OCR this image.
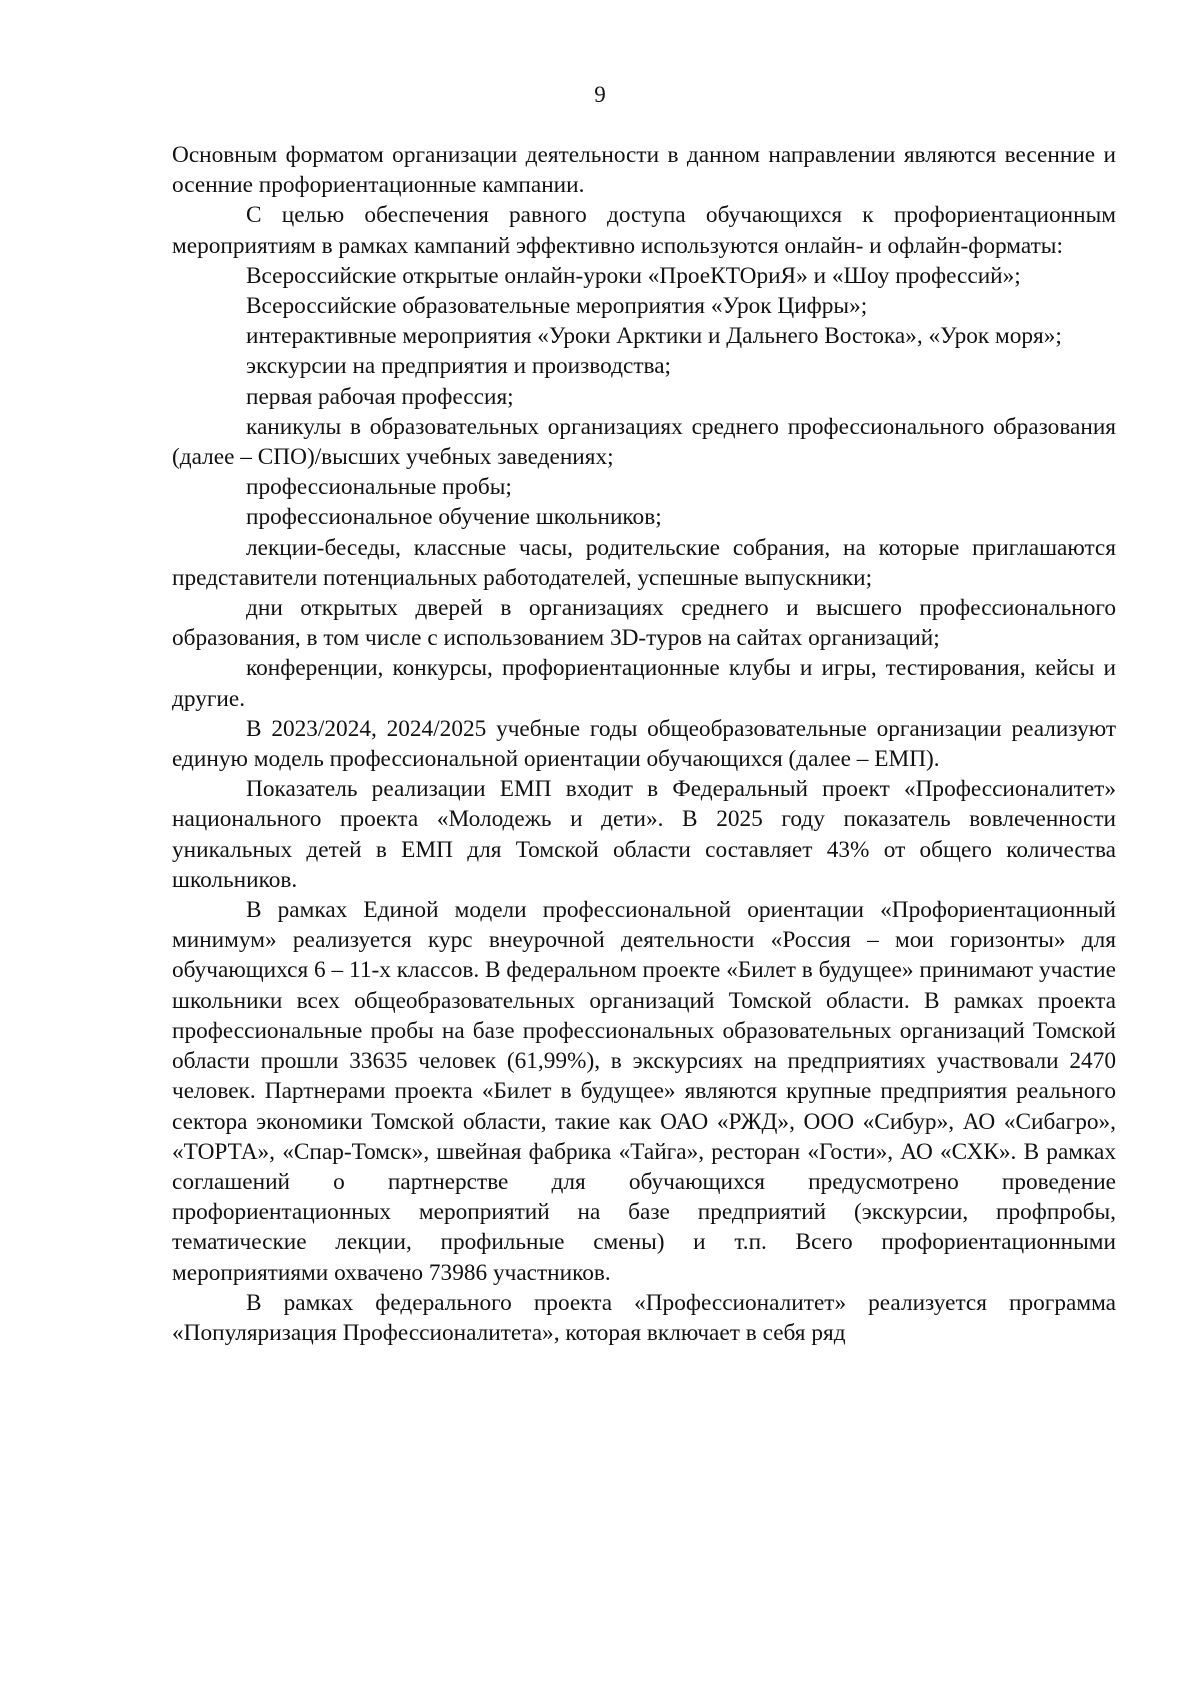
9

Основным форматом организации деятельности в данном направлении являются весенние и осенние профориентационные кампании.

С целью обеспечения равного доступа обучающихся к профориентационным мероприятиям в рамках кампаний эффективно используются онлайн- и офлайн-форматы:

Всероссийские открытые онлайн-уроки «ПроеКТОриЯ» и «Шоу профессий»;

Всероссийские образовательные мероприятия «Урок Цифры»;

интерактивные мероприятия «Уроки Арктики и Дальнего Востока», «Урок моря»;

экскурсии на предприятия и производства;

первая рабочая профессия;

каникулы в образовательных организациях среднего профессионального образования (далее – СПО)/высших учебных заведениях;

профессиональные пробы;

профессиональное обучение школьников;

лекции-беседы, классные часы, родительские собрания, на которые приглашаются представители потенциальных работодателей, успешные выпускники;

дни открытых дверей в организациях среднего и высшего профессионального образования, в том числе с использованием 3D-туров на сайтах организаций;

конференции, конкурсы, профориентационные клубы и игры, тестирования, кейсы и другие.

В 2023/2024, 2024/2025 учебные годы общеобразовательные организации реализуют единую модель профессиональной ориентации обучающихся (далее – ЕМП).

Показатель реализации ЕМП входит в Федеральный проект «Профессионалитет» национального проекта «Молодежь и дети». В 2025 году показатель вовлеченности уникальных детей в ЕМП для Томской области составляет 43% от общего количества школьников.

В рамках Единой модели профессиональной ориентации «Профориентационный минимум» реализуется курс внеурочной деятельности «Россия – мои горизонты» для обучающихся 6 – 11-х классов. В федеральном проекте «Билет в будущее» принимают участие школьники всех общеобразовательных организаций Томской области. В рамках проекта профессиональные пробы на базе профессиональных образовательных организаций Томской области прошли 33635 человек (61,99%), в экскурсиях на предприятиях участвовали 2470 человек. Партнерами проекта «Билет в будущее» являются крупные предприятия реального сектора экономики Томской области, такие как ОАО «РЖД», ООО «Сибур», АО «Сибагро», «ТОРТА», «Спар-Томск», швейная фабрика «Тайга», ресторан «Гости», АО «СХК». В рамках соглашений о партнерстве для обучающихся предусмотрено проведение профориентационных мероприятий на базе предприятий (экскурсии, профпробы, тематические лекции, профильные смены) и т.п. Всего профориентационными мероприятиями охвачено 73986 участников.

В рамках федерального проекта «Профессионалитет» реализуется программа «Популяризация Профессионалитета», которая включает в себя ряд
